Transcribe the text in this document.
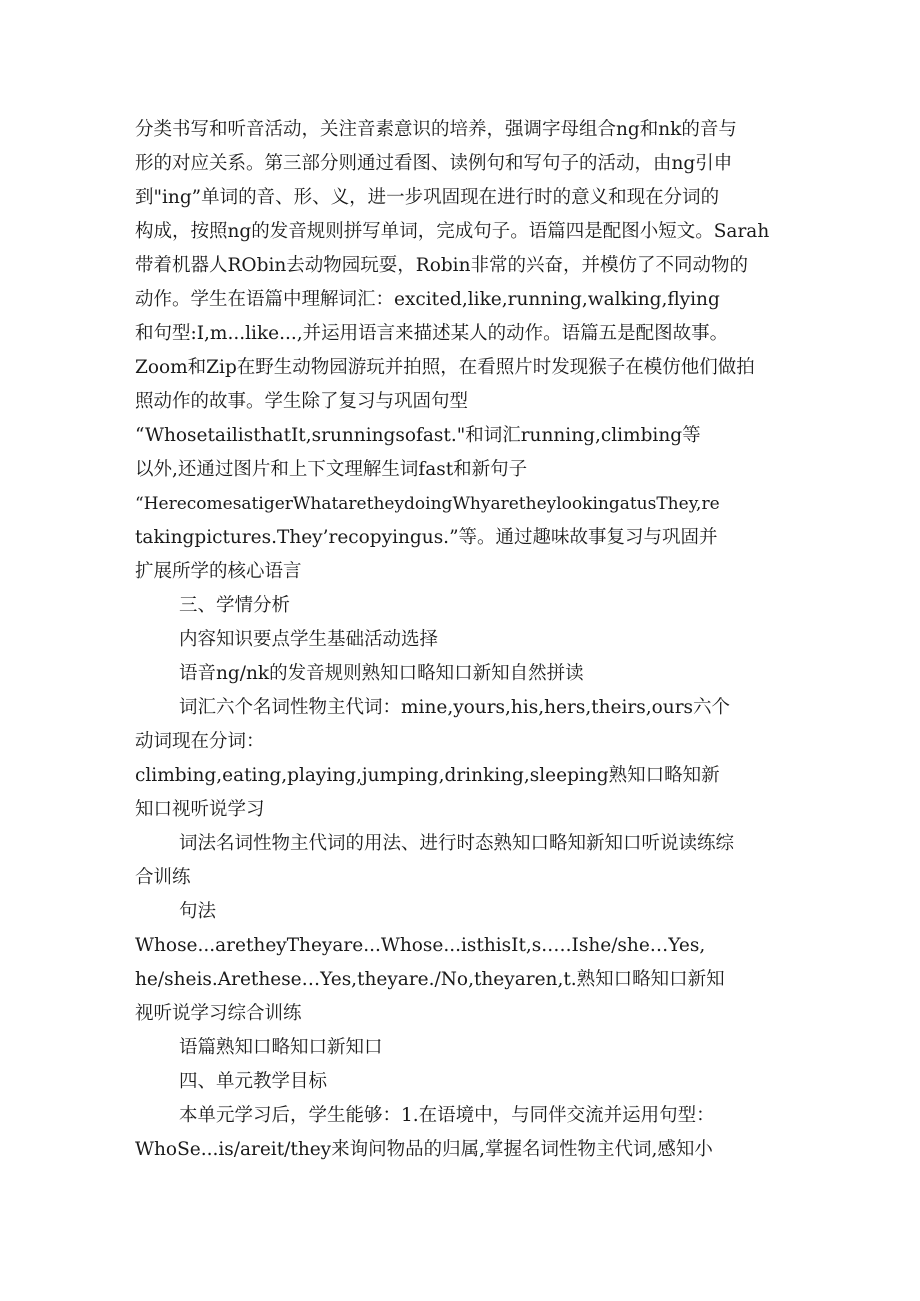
分类书写和听音活动，关注音素意识的培养，强调字母组合ng和nk的音与
形的对应关系。第三部分则通过看图、读例句和写句子的活动，由ng引申
到"ing”单词的音、形、义，进一步巩固现在进行时的意义和现在分词的
构成，按照ng的发音规则拼写单词，完成句子。语篇四是配图小短文。Sarah
带着机器人RObin去动物园玩耍，Robin非常的兴奋，并模仿了不同动物的
动作。学生在语篇中理解词汇：excited,like,running,walking,flying
和句型:I,m...like...,并运用语言来描述某人的动作。语篇五是配图故事。
Zoom和Zip在野生动物园游玩并拍照，在看照片时发现猴子在模仿他们做拍
照动作的故事。学生除了复习与巩固句型
“WhosetailisthatIt,srunningsofast."和词汇running,climbing等
以外,还通过图片和上下文理解生词fast和新句子
“HerecomesatigerWhataretheydoingWhyaretheylookingatusThey,re
takingpictures.They’recopyingus.”等。通过趣味故事复习与巩固并
扩展所学的核心语言
三、学情分析
内容知识要点学生基础活动选择
语音ng/nk的发音规则熟知口略知口新知自然拼读
词汇六个名词性物主代词：mine,yours,his,hers,theirs,ours六个
动词现在分词：
climbing,eating,playing,jumping,drinking,sleeping熟知口略知新
知口视听说学习
词法名词性物主代词的用法、进行时态熟知口略知新知口听说读练综
合训练
句法
Whose...aretheyTheyare...Whose...isthisIt,s.….Ishe/she…Yes,
he/sheis.Arethese…Yes,theyare./No,theyaren,t.熟知口略知口新知
视听说学习综合训练
语篇熟知口略知口新知口
四、单元教学目标
本单元学习后，学生能够：1.在语境中，与同伴交流并运用句型：
WhoSe...is/areit/they来询问物品的归属,掌握名词性物主代词,感知小
